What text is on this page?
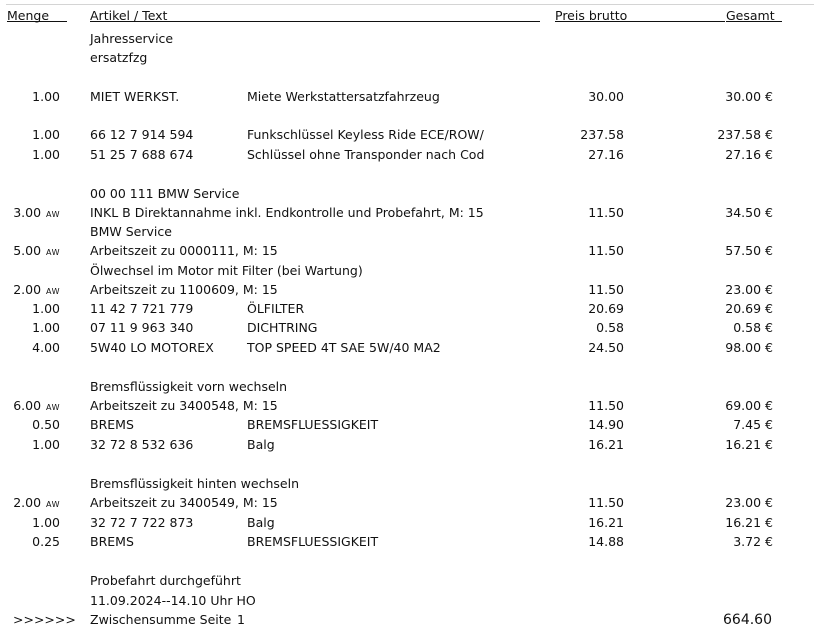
Menge	Artikel / Text	Preis brutto	Gesamt
Jahresservice
ersatzfzg
1.00 MIET WERKST.	Miete Werkstattersatzfahrzeug	30.00	30.00 €
1.00 66 12 7 914 594	Funkschlüssel Keyless Ride ECE/ROW/	237.58	237.58 €
1.00 51 25 7 688 674	Schlüssel ohne Transponder nach Cod	27.16	27.16 €
00 00 111 BMW Service
3.00 AW INKL B Direktannahme inkl. Endkontrolle und Probefahrt, M: 15	11.50	34.50 €
BMW Service
5.00 AW Arbeitszeit zu 0000111, M: 15	11.50	57.50 €
Ölwechsel im Motor mit Filter (bei Wartung)
2.00 AW Arbeitszeit zu 1100609, M: 15	11.50	23.00 €
1.00 11 42 7 721 779	ÖLFILTER	20.69	20.69 €
1.00 07 11 9 963 340	DICHTRING	0.58	0.58 €
4.00 5W40 LO MOTOREX	TOP SPEED 4T SAE 5W/40 MA2	24.50	98.00 €
Bremsflüssigkeit vorn wechseln
6.00 AW Arbeitszeit zu 3400548, M: 15	11.50	69.00 €
0.50 BREMS	BREMSFLUESSIGKEIT	14.90	7.45 €
1.00 32 72 8 532 636	Balg	16.21	16.21 €
Bremsflüssigkeit hinten wechseln
2.00 AW Arbeitszeit zu 3400549, M: 15	11.50	23.00 €
1.00 32 72 7 722 873	Balg	16.21	16.21 €
0.25 BREMS	BREMSFLUESSIGKEIT	14.88	3.72 €
Probefahrt durchgeführt
11.09.2024--14.10 Uhr HO
>>>>>> Zwischensumme Seite 1	664.60
